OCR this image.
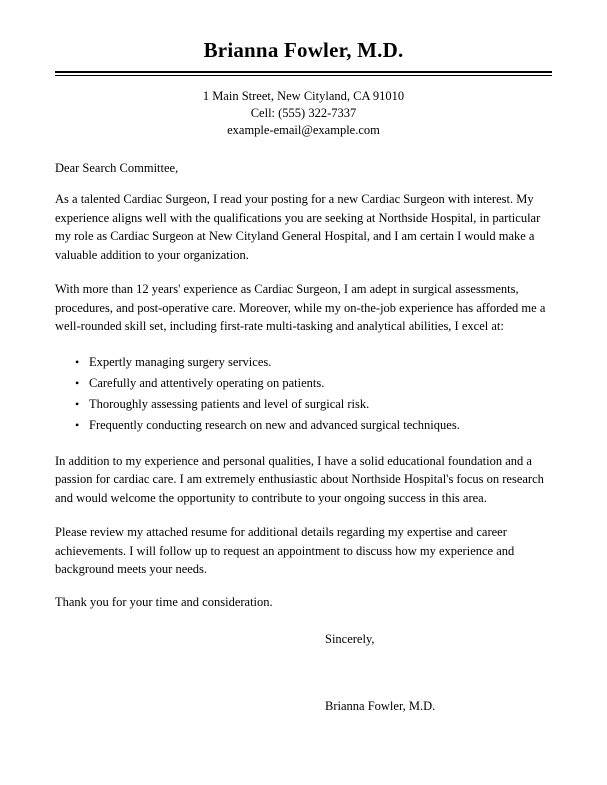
Brianna Fowler, M.D.
1 Main Street, New Cityland, CA 91010
Cell: (555) 322-7337
example-email@example.com

Dear Search Committee,

As a talented Cardiac Surgeon, I read your posting for a new Cardiac Surgeon with interest. My experience aligns well with the qualifications you are seeking at Northside Hospital, in particular my role as Cardiac Surgeon at New Cityland General Hospital, and I am certain I would make a valuable addition to your organization.

With more than 12 years' experience as Cardiac Surgeon, I am adept in surgical assessments, procedures, and post-operative care. Moreover, while my on-the-job experience has afforded me a well-rounded skill set, including first-rate multi-tasking and analytical abilities, I excel at:

• Expertly managing surgery services.
• Carefully and attentively operating on patients.
• Thoroughly assessing patients and level of surgical risk.
• Frequently conducting research on new and advanced surgical techniques.

In addition to my experience and personal qualities, I have a solid educational foundation and a passion for cardiac care. I am extremely enthusiastic about Northside Hospital's focus on research and would welcome the opportunity to contribute to your ongoing success in this area.

Please review my attached resume for additional details regarding my expertise and career achievements. I will follow up to request an appointment to discuss how my experience and background meets your needs.

Thank you for your time and consideration.

Sincerely,
Brianna Fowler, M.D.
